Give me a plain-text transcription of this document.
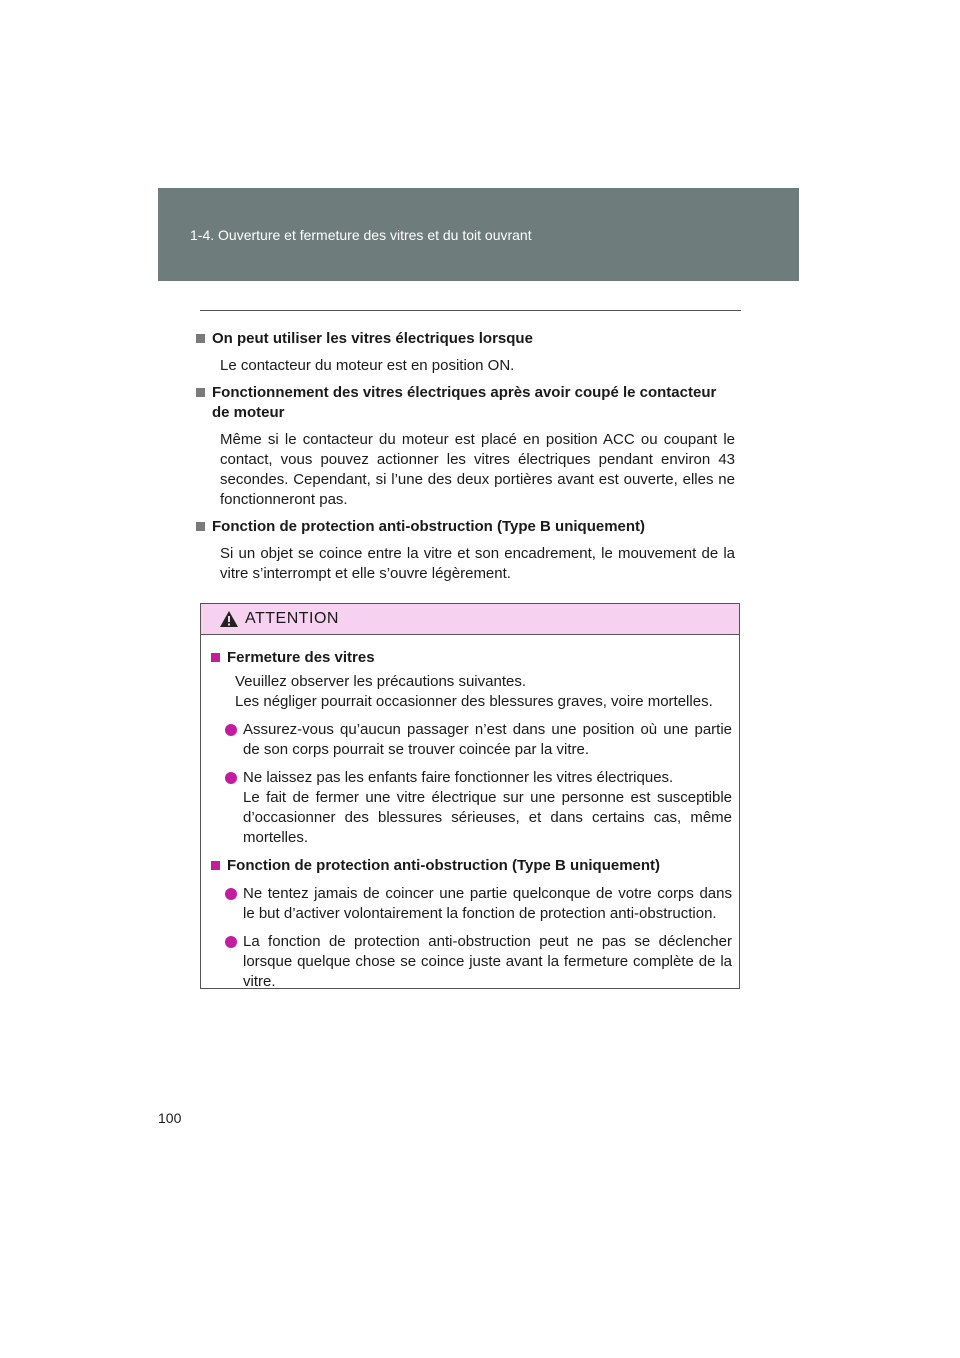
1-4. Ouverture et fermeture des vitres et du toit ouvrant
On peut utiliser les vitres électriques lorsque
Le contacteur du moteur est en position ON.
Fonctionnement des vitres électriques après avoir coupé le contacteur de moteur
Même si le contacteur du moteur est placé en position ACC ou coupant le contact, vous pouvez actionner les vitres électriques pendant environ 43 secondes. Cependant, si l’une des deux portières avant est ouverte, elles ne fonctionneront pas.
Fonction de protection anti-obstruction (Type B uniquement)
Si un objet se coince entre la vitre et son encadrement, le mouvement de la vitre s’interrompt et elle s’ouvre légèrement.
ATTENTION
Fermeture des vitres
Veuillez observer les précautions suivantes.
Les négliger pourrait occasionner des blessures graves, voire mortelles.
Assurez-vous qu’aucun passager n’est dans une position où une partie de son corps pourrait se trouver coincée par la vitre.
Ne laissez pas les enfants faire fonctionner les vitres électriques.
Le fait de fermer une vitre électrique sur une personne est susceptible d’occasionner des blessures sérieuses, et dans certains cas, même mortelles.
Fonction de protection anti-obstruction (Type B uniquement)
Ne tentez jamais de coincer une partie quelconque de votre corps dans le but d’activer volontairement la fonction de protection anti-obstruction.
La fonction de protection anti-obstruction peut ne pas se déclencher lorsque quelque chose se coince juste avant la fermeture complète de la vitre.
100
